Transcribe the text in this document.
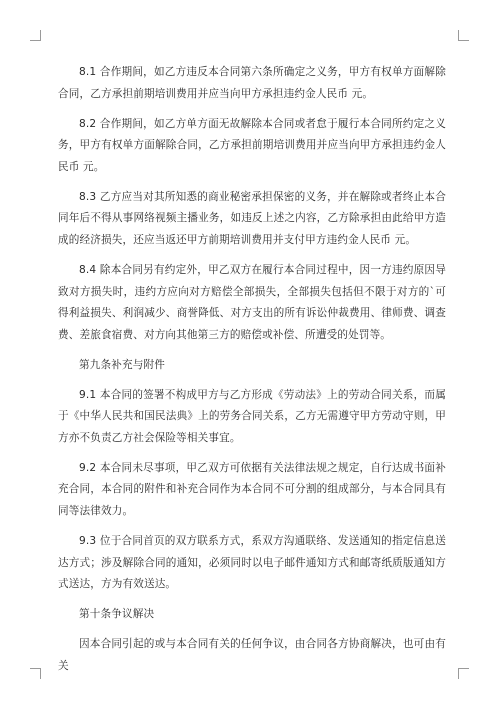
8.1 合作期间，如乙方违反本合同第六条所确定之义务，甲方有权单方面解除合同，乙方承担前期培训费用并应当向甲方承担违约金人民币 元。

8.2 合作期间，如乙方单方面无故解除本合同或者怠于履行本合同所约定之义务，甲方有权单方面解除合同，乙方承担前期培训费用并应当向甲方承担违约金人民币 元。

8.3 乙方应当对其所知悉的商业秘密承担保密的义务，并在解除或者终止本合同年后不得从事网络视频主播业务，如违反上述之内容，乙方除承担由此给甲方造成的经济损失，还应当返还甲方前期培训费用并支付甲方违约金人民币 元。

8.4 除本合同另有约定外，甲乙双方在履行本合同过程中，因一方违约原因导致对方损失时，违约方应向对方赔偿全部损失，全部损失包括但不限于对方的`可得利益损失、利润减少、商誉降低、对方支出的所有诉讼仲裁费用、律师费、调查费、差旅食宿费、对方向其他第三方的赔偿或补偿、所遭受的处罚等。

第九条补充与附件

9.1 本合同的签署不构成甲方与乙方形成《劳动法》上的劳动合同关系，而属于《中华人民共和国民法典》上的劳务合同关系，乙方无需遵守甲方劳动守则，甲方亦不负责乙方社会保险等相关事宜。

9.2 本合同未尽事项，甲乙双方可依据有关法律法规之规定，自行达成书面补充合同，本合同的附件和补充合同作为本合同不可分割的组成部分，与本合同具有同等法律效力。

9.3 位于合同首页的双方联系方式，系双方沟通联络、发送通知的指定信息送达方式；涉及解除合同的通知，必须同时以电子邮件通知方式和邮寄纸质版通知方式送达，方为有效送达。

第十条争议解决

因本合同引起的或与本合同有关的任何争议，由合同各方协商解决，也可由有关
